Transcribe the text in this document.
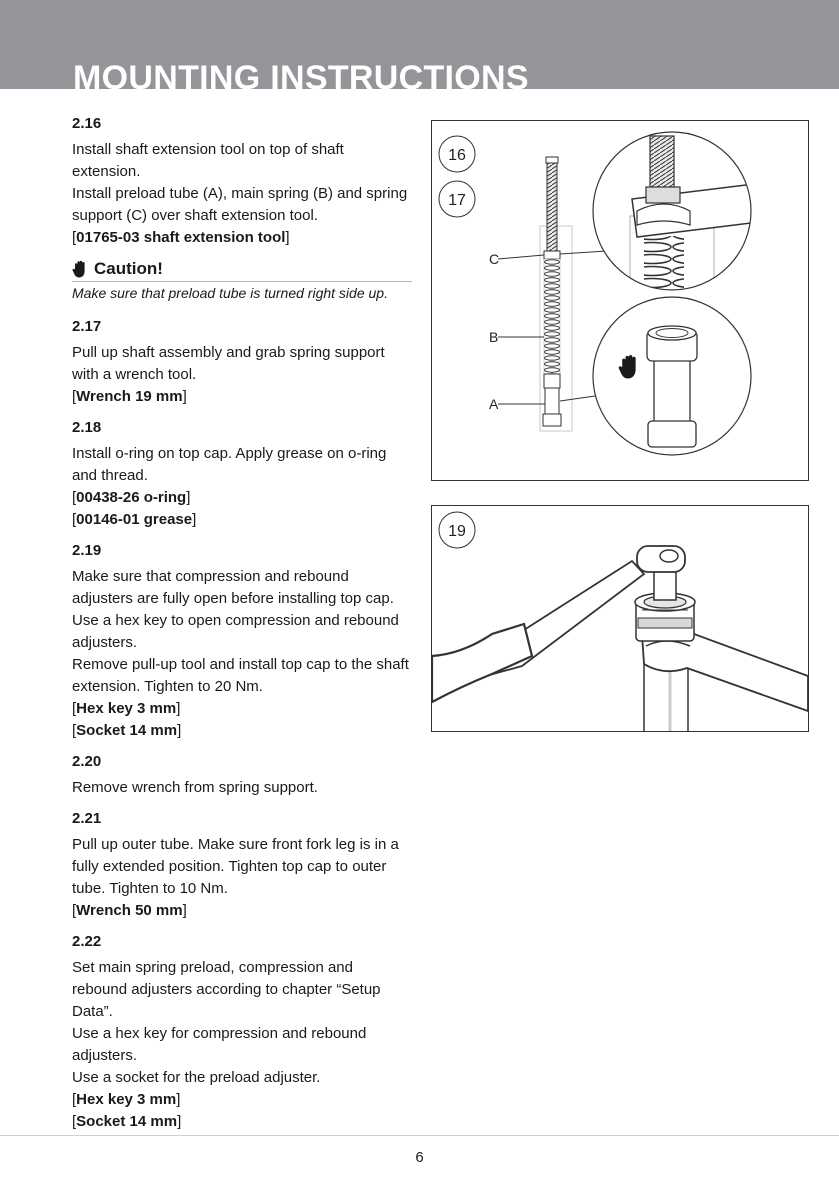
MOUNTING INSTRUCTIONS
2.16

Install shaft extension tool on top of shaft extension.

Install preload tube (A), main spring (B) and spring support (C) over shaft extension tool.

[01765-03 shaft extension tool]

Caution!

Make sure that preload tube is turned right side up.

2.17

Pull up shaft assembly and grab spring support with a wrench tool.

[Wrench 19 mm]

2.18

Install o-ring on top cap. Apply grease on o-ring and thread.

[00438-26 o-ring]

[00146-01 grease]

2.19

Make sure that compression and rebound adjusters are fully open before installing top cap.

Use a hex key to open compression and rebound adjusters.

Remove pull-up tool and install top cap to the shaft extension. Tighten to 20 Nm.

[Hex key 3 mm]

[Socket 14 mm]

2.20

Remove wrench from spring support.

2.21

Pull up outer tube. Make sure front fork leg is in a fully extended position. Tighten top cap to outer tube. Tighten to 10 Nm.

[Wrench 50 mm]

2.22

Set main spring preload, compression and rebound adjusters according to chapter “Setup Data”.

Use a hex key for compression and rebound adjusters.

Use a socket for the preload adjuster.

[Hex key 3 mm]

[Socket 14 mm]

16
17
C
B
A
19
6
